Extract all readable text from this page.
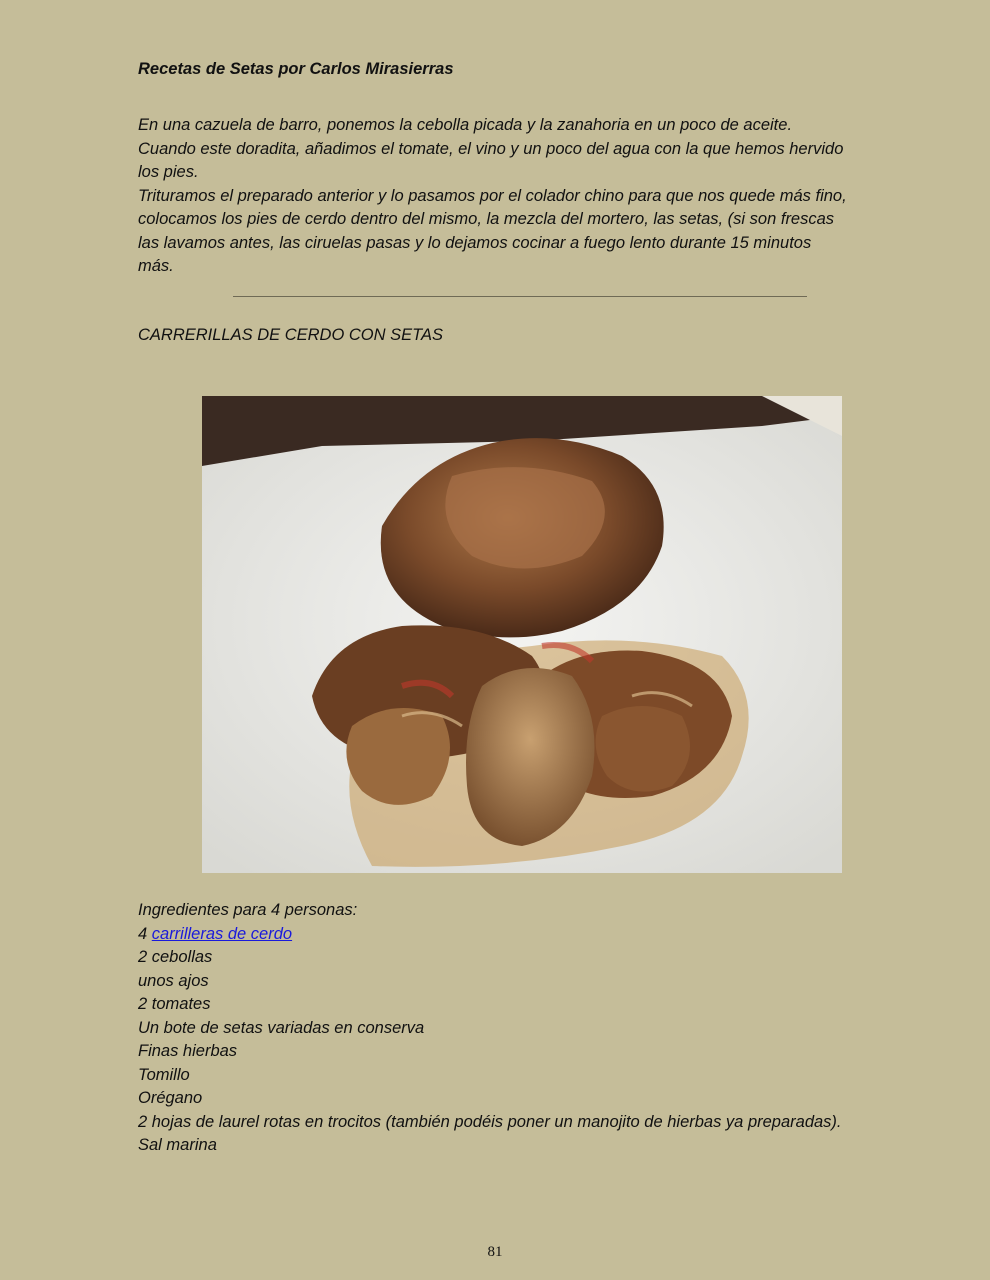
Recetas de Setas por Carlos Mirasierras

En una cazuela de barro, ponemos la cebolla picada y la zanahoria en un poco de aceite.

Cuando este doradita, añadimos el tomate, el vino y un poco del agua con la que hemos hervido

los pies.

Trituramos el preparado anterior y lo pasamos por el colador chino para que nos quede más fino,

colocamos los pies de cerdo dentro del mismo, la mezcla del mortero, las setas, (si son frescas

las lavamos antes, las ciruelas pasas y lo dejamos cocinar a fuego lento durante 15 minutos

más.

CARRERILLAS DE CERDO CON SETAS
Ingredientes para 4 personas:
4 carrilleras de cerdo
2 cebollas
unos ajos
2 tomates
Un bote de setas variadas en conserva
Finas hierbas
Tomillo
Orégano
2 hojas de laurel rotas en trocitos (también podéis poner un manojito de hierbas ya preparadas).
Sal marina
81
